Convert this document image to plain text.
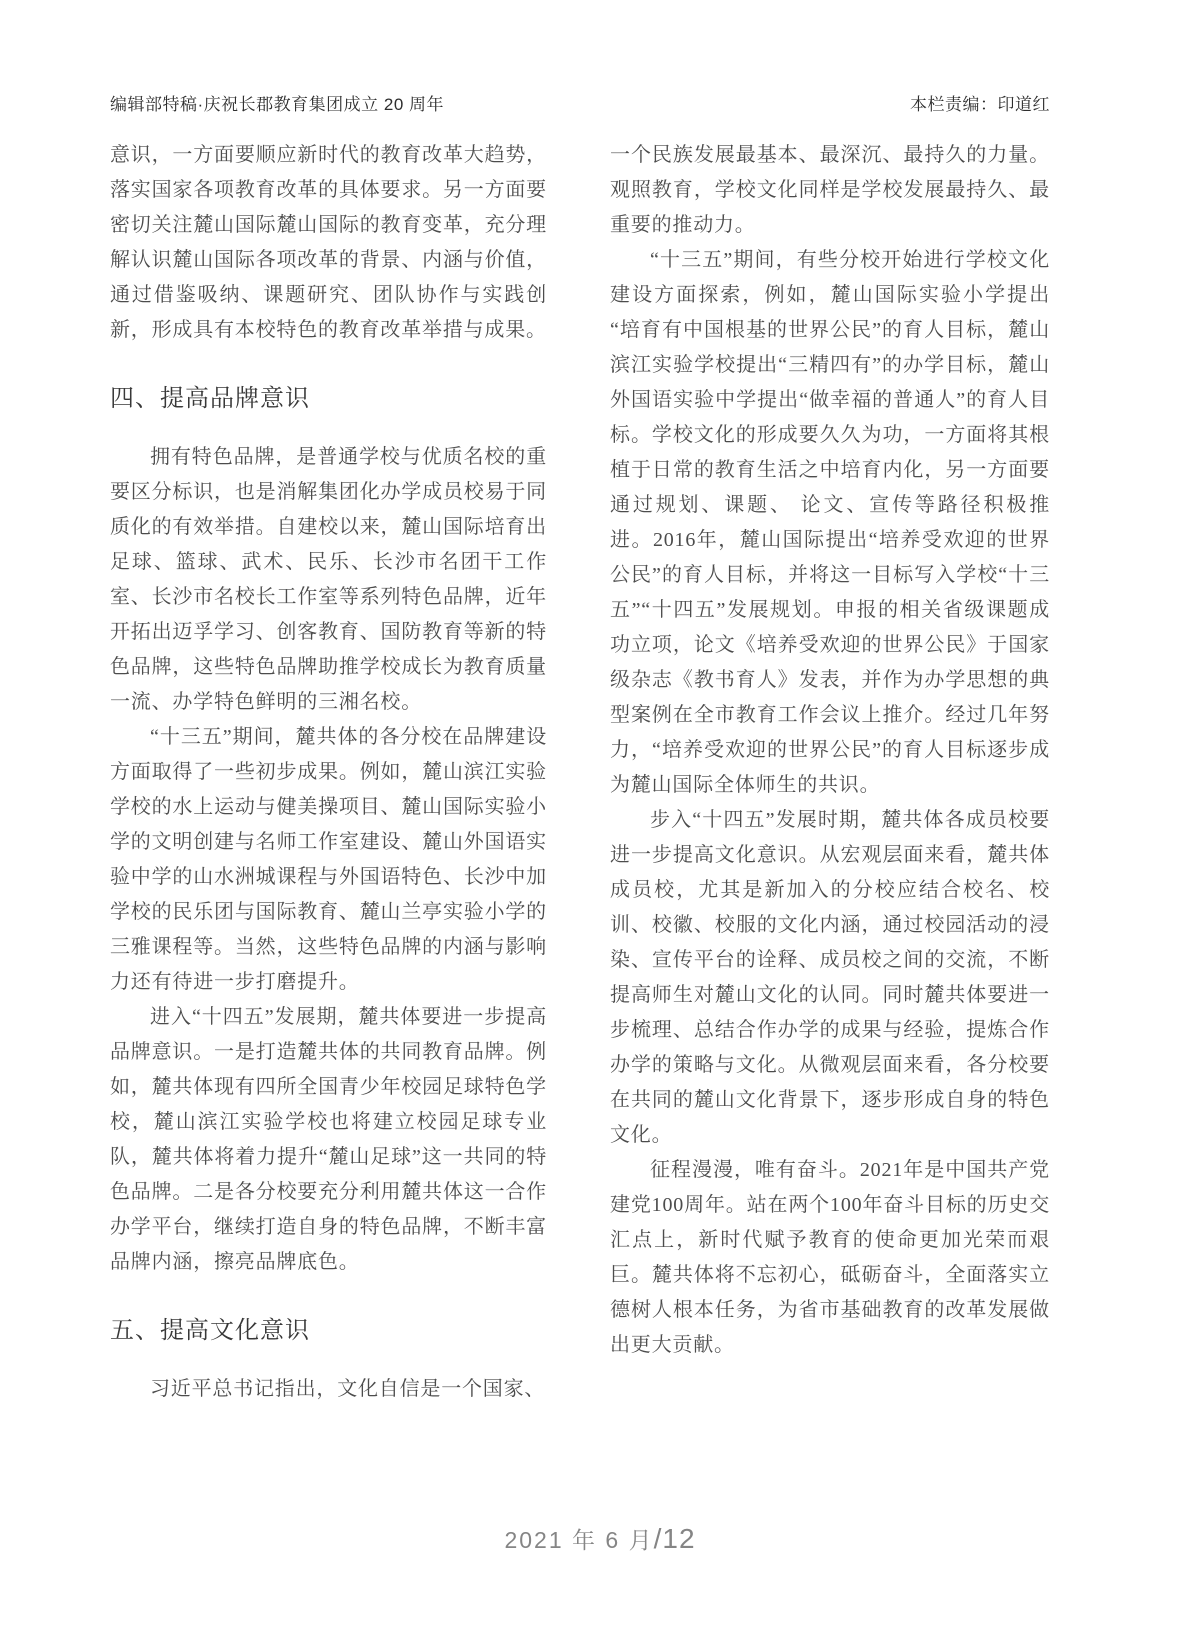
编辑部特稿·庆祝长郡教育集团成立 20 周年	本栏责编：印道红

意识，一方面要顺应新时代的教育改革大趋势，落实国家各项教育改革的具体要求。另一方面要密切关注麓山国际麓山国际的教育变革，充分理解认识麓山国际各项改革的背景、内涵与价值，通过借鉴吸纳、课题研究、团队协作与实践创新，形成具有本校特色的教育改革举措与成果。

四、提高品牌意识

拥有特色品牌，是普通学校与优质名校的重要区分标识，也是消解集团化办学成员校易于同质化的有效举措。自建校以来，麓山国际培育出足球、篮球、武术、民乐、长沙市名团干工作室、长沙市名校长工作室等系列特色品牌，近年开拓出迈孚学习、创客教育、国防教育等新的特色品牌，这些特色品牌助推学校成长为教育质量一流、办学特色鲜明的三湘名校。

“十三五”期间，麓共体的各分校在品牌建设方面取得了一些初步成果。例如，麓山滨江实验学校的水上运动与健美操项目、麓山国际实验小学的文明创建与名师工作室建设、麓山外国语实验中学的山水洲城课程与外国语特色、长沙中加学校的民乐团与国际教育、麓山兰亭实验小学的三雅课程等。当然，这些特色品牌的内涵与影响力还有待进一步打磨提升。

进入“十四五”发展期，麓共体要进一步提高品牌意识。一是打造麓共体的共同教育品牌。例如，麓共体现有四所全国青少年校园足球特色学校，麓山滨江实验学校也将建立校园足球专业队，麓共体将着力提升“麓山足球”这一共同的特色品牌。二是各分校要充分利用麓共体这一合作办学平台，继续打造自身的特色品牌，不断丰富品牌内涵，擦亮品牌底色。

五、提高文化意识

习近平总书记指出，文化自信是一个国家、

一个民族发展最基本、最深沉、最持久的力量。观照教育，学校文化同样是学校发展最持久、最重要的推动力。

“十三五”期间，有些分校开始进行学校文化建设方面探索，例如，麓山国际实验小学提出“培育有中国根基的世界公民”的育人目标，麓山滨江实验学校提出“三精四有”的办学目标，麓山外国语实验中学提出“做幸福的普通人”的育人目标。学校文化的形成要久久为功，一方面将其根植于日常的教育生活之中培育内化，另一方面要通过规划、课题、 论文、宣传等路径积极推进。2016年，麓山国际提出“培养受欢迎的世界公民”的育人目标，并将这一目标写入学校“十三五”“十四五”发展规划。申报的相关省级课题成功立项，论文《培养受欢迎的世界公民》于国家级杂志《教书育人》发表，并作为办学思想的典型案例在全市教育工作会议上推介。经过几年努力，“培养受欢迎的世界公民”的育人目标逐步成为麓山国际全体师生的共识。

步入“十四五”发展时期，麓共体各成员校要进一步提高文化意识。从宏观层面来看，麓共体成员校，尤其是新加入的分校应结合校名、校训、校徽、校服的文化内涵，通过校园活动的浸染、宣传平台的诠释、成员校之间的交流，不断提高师生对麓山文化的认同。同时麓共体要进一步梳理、总结合作办学的成果与经验，提炼合作办学的策略与文化。从微观层面来看，各分校要在共同的麓山文化背景下，逐步形成自身的特色文化。

征程漫漫，唯有奋斗。2021年是中国共产党建党100周年。站在两个100年奋斗目标的历史交汇点上，新时代赋予教育的使命更加光荣而艰巨。麓共体将不忘初心，砥砺奋斗，全面落实立德树人根本任务，为省市基础教育的改革发展做出更大贡献。

2021 年 6 月/12
